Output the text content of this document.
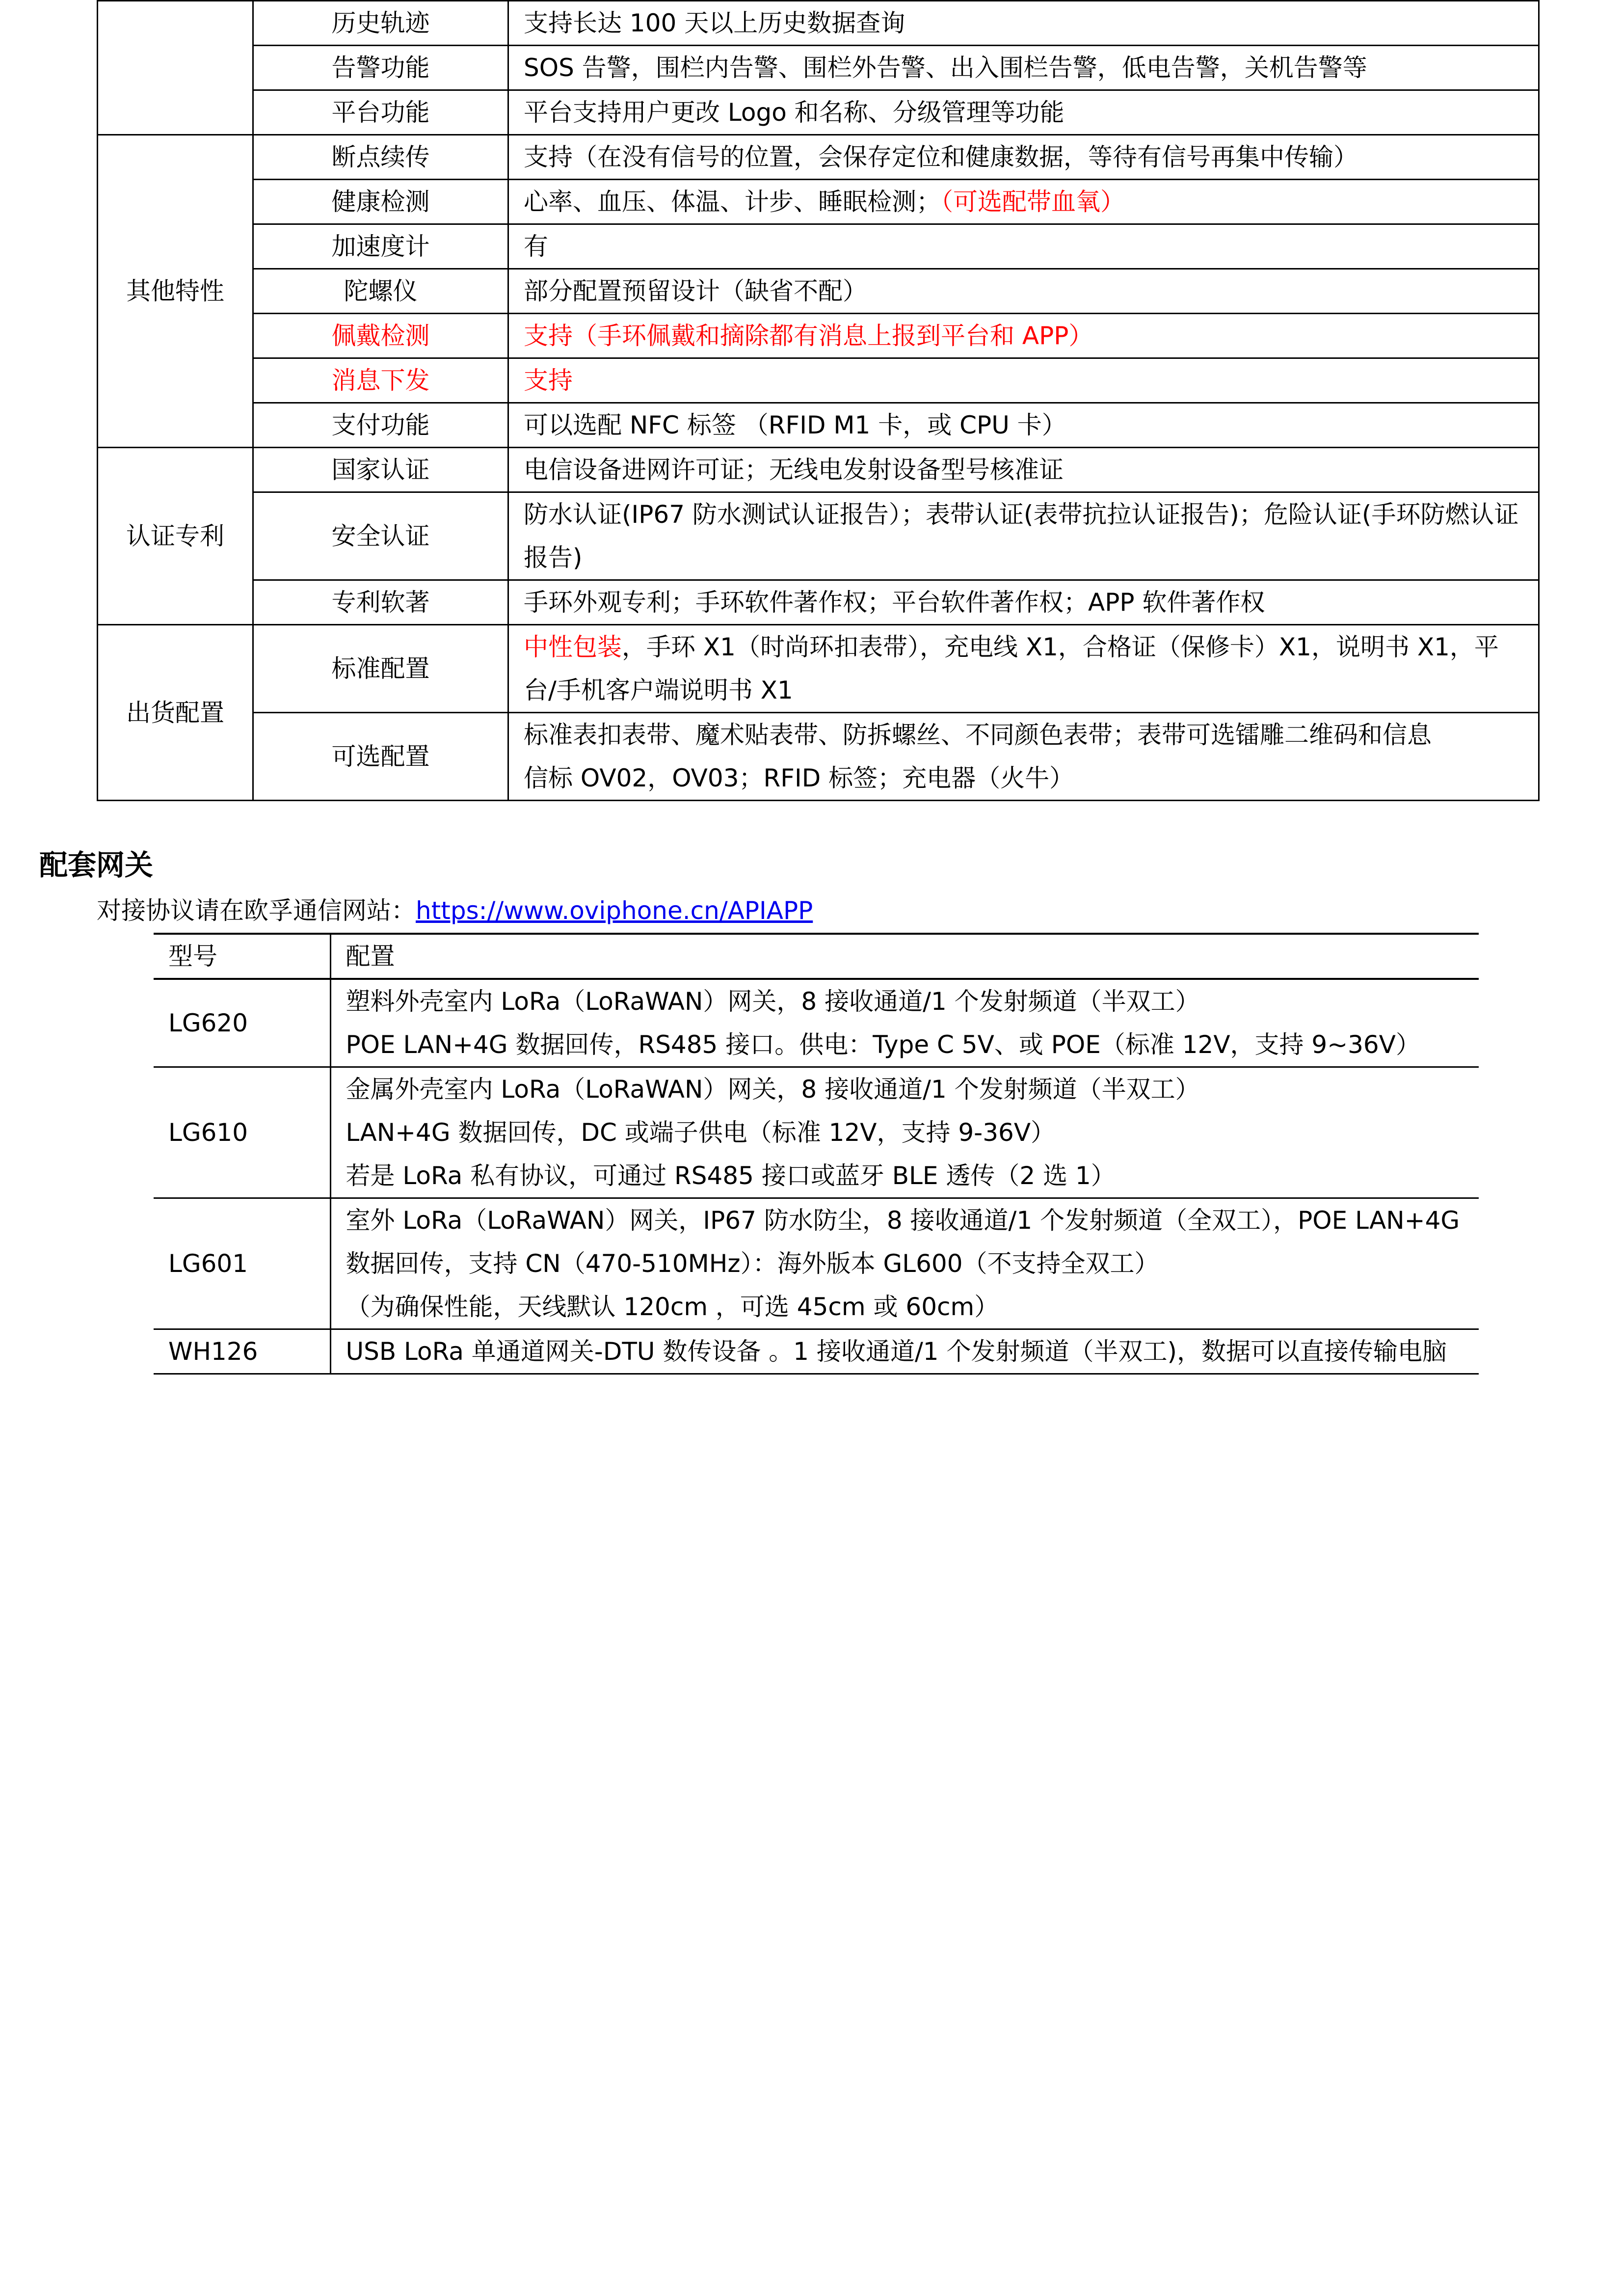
	历史轨迹	支持长达 100 天以上历史数据查询
	告警功能	SOS 告警，围栏内告警、围栏外告警、出入围栏告警，低电告警，关机告警等
	平台功能	平台支持用户更改 Logo 和名称、分级管理等功能
其他特性	断点续传	支持（在没有信号的位置，会保存定位和健康数据，等待有信号再集中传输）
	健康检测	心率、血压、体温、计步、睡眠检测；（可选配带血氧）
	加速度计	有
	陀螺仪	部分配置预留设计（缺省不配）
	佩戴检测	支持（手环佩戴和摘除都有消息上报到平台和 APP）
	消息下发	支持
	支付功能	可以选配 NFC 标签 （RFID M1 卡，或 CPU 卡）
认证专利	国家认证	电信设备进网许可证；无线电发射设备型号核准证
	安全认证	防水认证(IP67 防水测试认证报告）；表带认证(表带抗拉认证报告)；危险认证(手环防燃认证报告)
	专利软著	手环外观专利；手环软件著作权；平台软件著作权；APP 软件著作权
出货配置	标准配置	中性包装，手环 X1（时尚环扣表带），充电线 X1，合格证（保修卡）X1，说明书 X1，平台/手机客户端说明书 X1
	可选配置	标准表扣表带、魔术贴表带、防拆螺丝、不同颜色表带；表带可选镭雕二维码和信息
信标 OV02，OV03；RFID 标签；充电器（火牛）
配套网关
对接协议请在欧孚通信网站：https://www.oviphone.cn/APIAPP
型号	配置
LG620	塑料外壳室内 LoRa（LoRaWAN）网关，8 接收通道/1 个发射频道（半双工）
POE LAN+4G 数据回传，RS485 接口。供电：Type C 5V、或 POE（标准 12V，支持 9~36V）

LG610	金属外壳室内 LoRa（LoRaWAN）网关，8 接收通道/1 个发射频道（半双工）
LAN+4G 数据回传，DC 或端子供电（标准 12V，支持 9-36V）
若是 LoRa 私有协议，可通过 RS485 接口或蓝牙 BLE 透传（2 选 1）

LG601	室外 LoRa（LoRaWAN）网关，IP67 防水防尘，8 接收通道/1 个发射频道（全双工），POE LAN+4G
数据回传，支持 CN（470-510MHz）：海外版本 GL600（不支持全双工）
（为确保性能，天线默认 120cm ，可选 45cm 或 60cm）

WH126	USB LoRa 单通道网关-DTU 数传设备 。1 接收通道/1 个发射频道（半双工)，数据可以直接传输电脑
